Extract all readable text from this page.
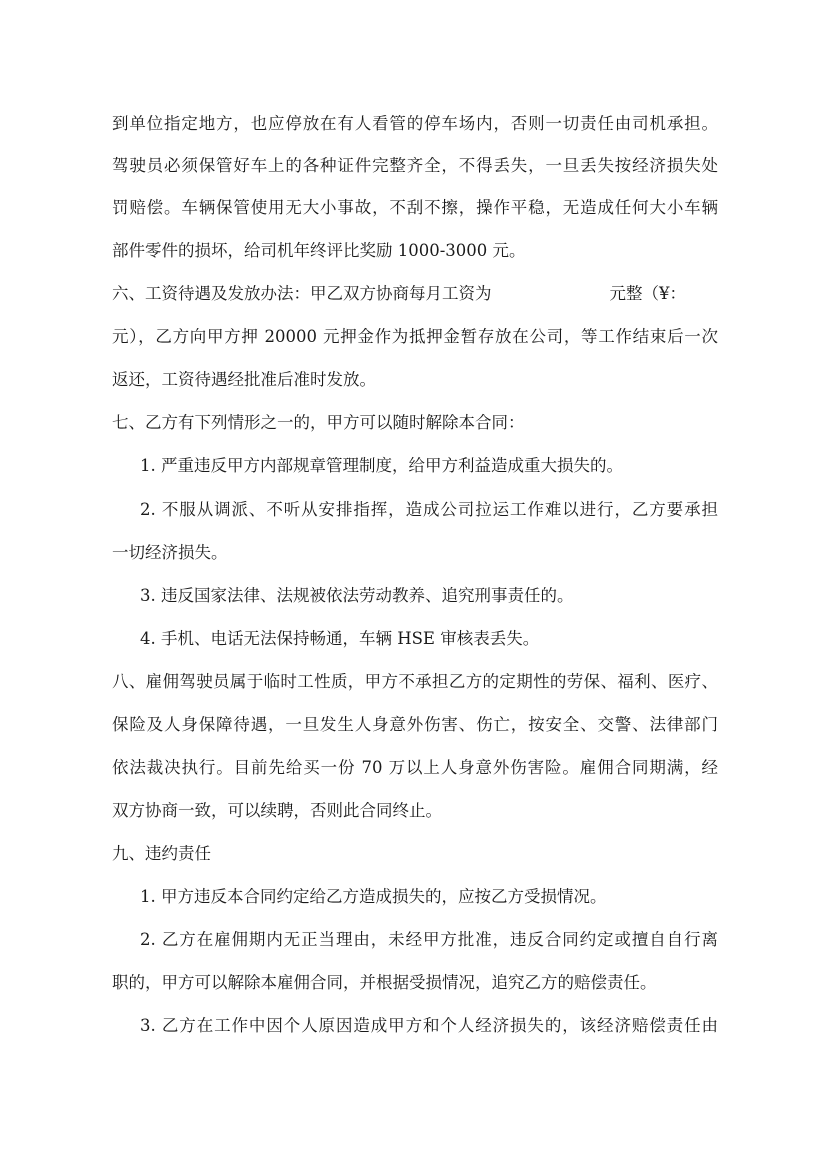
到单位指定地方，也应停放在有人看管的停车场内，否则一切责任由司机承担。
驾驶员必须保管好车上的各种证件完整齐全，不得丢失，一旦丢失按经济损失处
罚赔偿。车辆保管使用无大小事故，不刮不擦，操作平稳，无造成任何大小车辆
部件零件的损坏，给司机年终评比奖励 1000-3000 元。
六、工资待遇及发放办法：甲乙双方协商每月工资为	元整（¥：
元），乙方向甲方押 20000 元押金作为抵押金暂存放在公司，等工作结束后一次
返还，工资待遇经批准后准时发放。
七、乙方有下列情形之一的，甲方可以随时解除本合同：
1. 严重违反甲方内部规章管理制度，给甲方利益造成重大损失的。
2. 不服从调派、不听从安排指挥，造成公司拉运工作难以进行，乙方要承担
一切经济损失。
3. 违反国家法律、法规被依法劳动教养、追究刑事责任的。
4. 手机、电话无法保持畅通，车辆 HSE 审核表丢失。
八、雇佣驾驶员属于临时工性质，甲方不承担乙方的定期性的劳保、福利、医疗、
保险及人身保障待遇，一旦发生人身意外伤害、伤亡，按安全、交警、法律部门
依法裁决执行。目前先给买一份 70 万以上人身意外伤害险。雇佣合同期满，经
双方协商一致，可以续聘，否则此合同终止。
九、违约责任
1. 甲方违反本合同约定给乙方造成损失的，应按乙方受损情况。
2. 乙方在雇佣期内无正当理由，未经甲方批准，违反合同约定或擅自自行离
职的，甲方可以解除本雇佣合同，并根据受损情况，追究乙方的赔偿责任。
3. 乙方在工作中因个人原因造成甲方和个人经济损失的，该经济赔偿责任由
